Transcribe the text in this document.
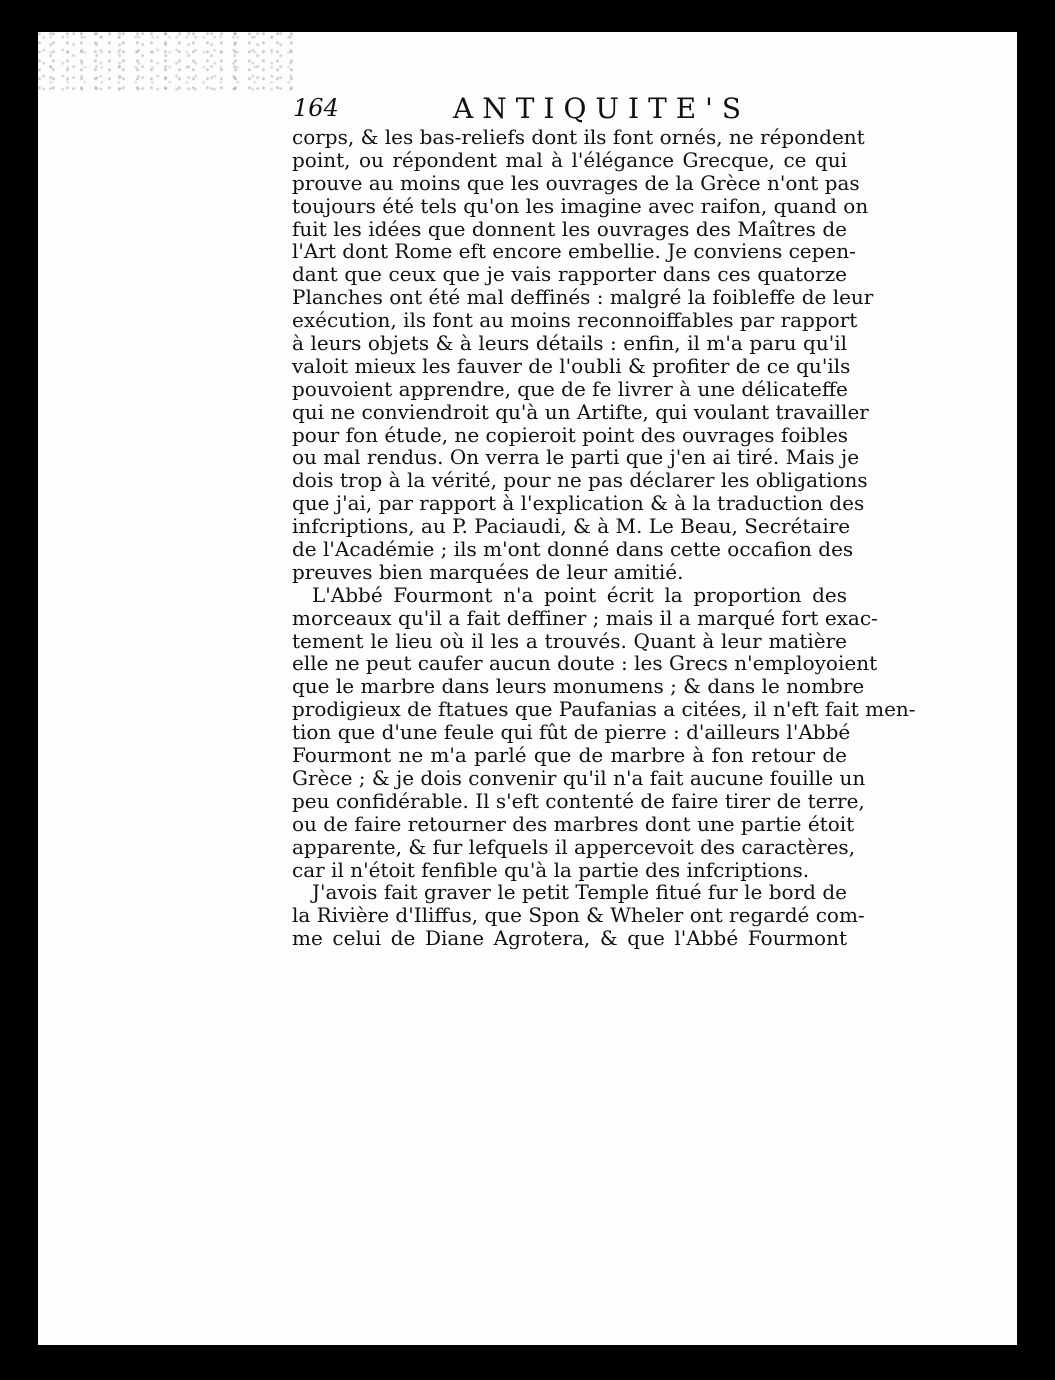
164	ANTIQUITE'S
corps, & les bas-reliefs dont ils font ornés, ne répondent
point, ou répondent mal à l'élégance Grecque, ce qui
prouve au moins que les ouvrages de la Grèce n'ont pas
toujours été tels qu'on les imagine avec raifon, quand on
fuit les idées que donnent les ouvrages des Maîtres de
l'Art dont Rome eft encore embellie. Je conviens cepen-
dant que ceux que je vais rapporter dans ces quatorze
Planches ont été mal deffinés : malgré la foibleffe de leur
exécution, ils font au moins reconnoiffables par rapport
à leurs objets & à leurs détails : enfin, il m'a paru qu'il
valoit mieux les fauver de l'oubli & profiter de ce qu'ils
pouvoient apprendre, que de fe livrer à une délicateffe
qui ne conviendroit qu'à un Artifte, qui voulant travailler
pour fon étude, ne copieroit point des ouvrages foibles
ou mal rendus. On verra le parti que j'en ai tiré. Mais je
dois trop à la vérité, pour ne pas déclarer les obligations
que j'ai, par rapport à l'explication & à la traduction des
infcriptions, au P. Paciaudi, & à M. Le Beau, Secrétaire
de l'Académie ; ils m'ont donné dans cette occafion des
preuves bien marquées de leur amitié.
L'Abbé Fourmont n'a point écrit la proportion des
morceaux qu'il a fait deffiner ; mais il a marqué fort exac-
tement le lieu où il les a trouvés. Quant à leur matière
elle ne peut caufer aucun doute : les Grecs n'employoient
que le marbre dans leurs monumens ; & dans le nombre
prodigieux de ftatues que Paufanias a citées, il n'eft fait men-
tion que d'une feule qui fût de pierre : d'ailleurs l'Abbé
Fourmont ne m'a parlé que de marbre à fon retour de
Grèce ; & je dois convenir qu'il n'a fait aucune fouille un
peu confidérable. Il s'eft contenté de faire tirer de terre,
ou de faire retourner des marbres dont une partie étoit
apparente, & fur lefquels il appercevoit des caractères,
car il n'étoit fenfible qu'à la partie des infcriptions.
J'avois fait graver le petit Temple fitué fur le bord de
la Rivière d'Iliffus, que Spon & Wheler ont regardé com-
me celui de Diane Agrotera, & que l'Abbé Fourmont
